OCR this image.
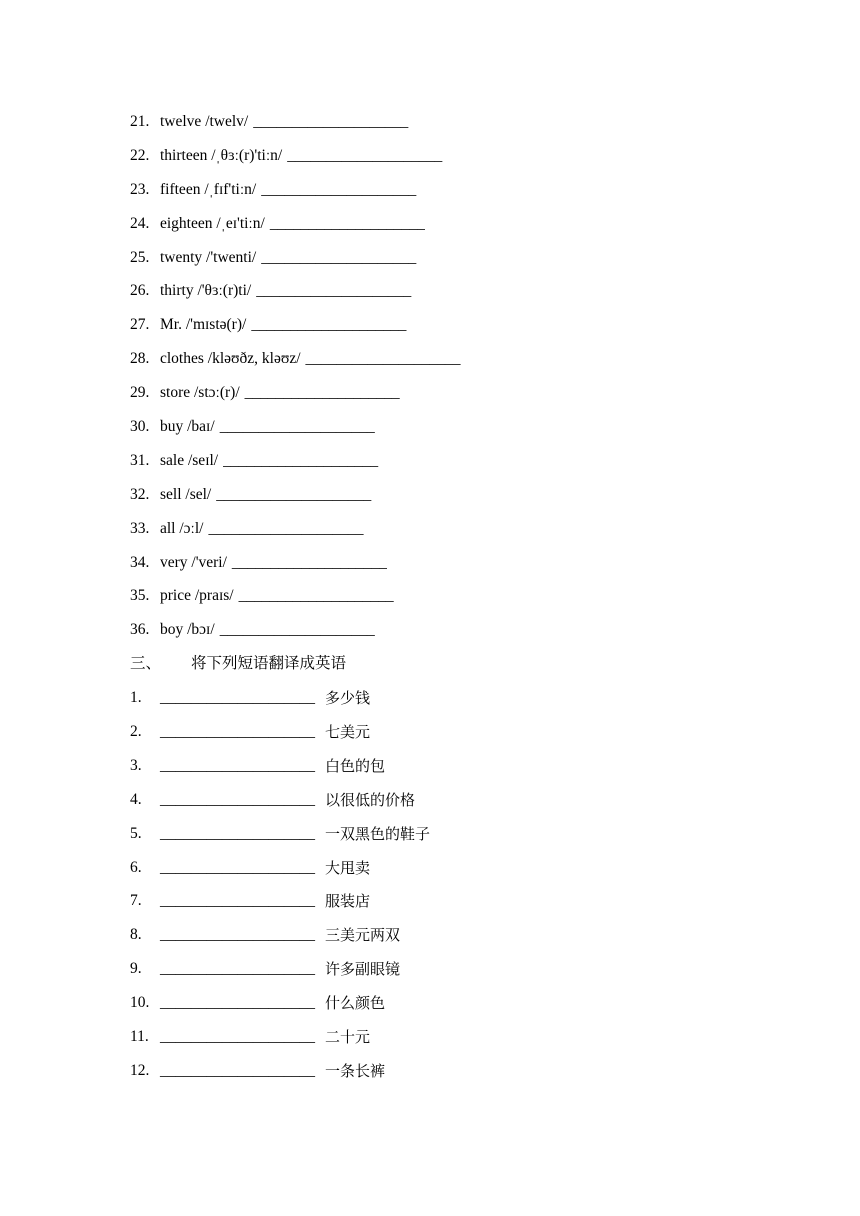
21. twelve /twelv/ ____________________
22. thirteen /ˌθɜː(r)'tiːn/ ____________________
23. fifteen /ˌfɪf'tiːn/ ____________________
24. eighteen /ˌeɪ'tiːn/ ____________________
25. twenty /'twenti/ ____________________
26. thirty /'θɜː(r)ti/ ____________________
27. Mr. /'mɪstə(r)/ ____________________
28. clothes /kləʊðz, kləʊz/ ____________________
29. store /stɔː(r)/ ____________________
30. buy /baɪ/ ____________________
31. sale /seɪl/ ____________________
32. sell /sel/ ____________________
33. all /ɔːl/ ____________________
34. very /'veri/ ____________________
35. price /praɪs/ ____________________
36. boy /bɔɪ/ ____________________
三、	将下列短语翻译成英语
1.	____________________ 多少钱
2.	____________________ 七美元
3.	____________________ 白色的包
4.	____________________ 以很低的价格
5.	____________________ 一双黑色的鞋子
6.	____________________ 大甩卖
7.	____________________ 服装店
8.	____________________ 三美元两双
9.	____________________ 许多副眼镜
10. ____________________ 什么颜色
11. ____________________ 二十元
12. ____________________ 一条长裤
